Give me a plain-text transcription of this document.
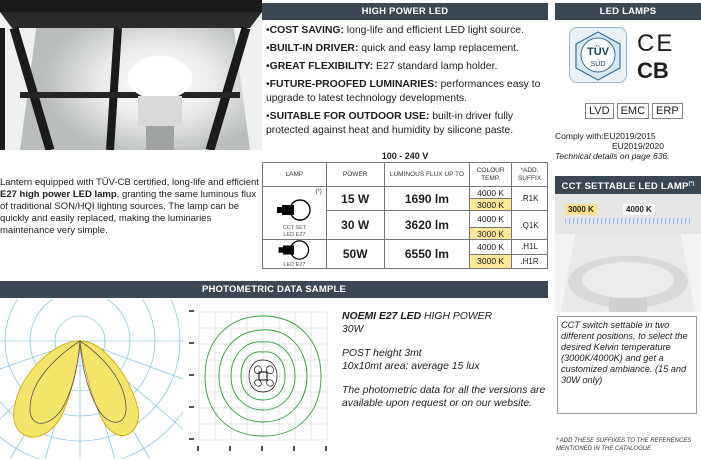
HIGH POWER LED
•COST SAVING: long-life and efficient LED light source.
•BUILT-IN DRIVER: quick and easy lamp replacement.
•GREAT FLEXIBILITY: E27 standard lamp holder.
•FUTURE-PROOFED LUMINARIES: performances easy to upgrade to latest technology developments.
•SUITABLE FOR OUTDOOR USE: built-in driver fully protected against heat and humidity by silicone paste.
Lantern equipped with TÜV-CB certified, long-life and efficient E27 high power LED lamp, granting the same luminous flux of traditional SON/HQI lighting sources. The lamp can be quickly and easily replaced, making the luminaries maintenance very simple.
100 - 240 V
LAMP	POWER	LUMINOUS FLUX UP TO	COLOUR TEMP.	*ADD. SUFFIX

(*)
CCT SET LED E27	15 W	1690 lm	4000 K	.R1K
			3000 K	
	30 W	3620 lm	4000 K	.Q1K
			3000 K	

LED E27	50W	6550 lm	4000 K	.H1L
			3000 K	.H1R
PHOTOMETRIC DATA SAMPLE
NOEMI E27 LED HIGH POWER
30W
POST height 3mt
10x10mt area: average 15 lux
The photometric data for all the versions are available upon request or on our website.
LED LAMPS
TÜV
SÜD
CE
CB
LVD	EMC	ERP
Comply with:EU2019/2015
EU2019/2020
Technical details on page 636.
CCT SETTABLE LED LAMP(*)
3000 K	4000 K
CCT switch settable in two different positions, to select the desired Kelvin temperature (3000K/4000K) and get a customized ambiance. (15 and 30W only)
* ADD THESE SUFFIXES TO THE REFERENCES MENTIONED IN THE CATALOGUE
